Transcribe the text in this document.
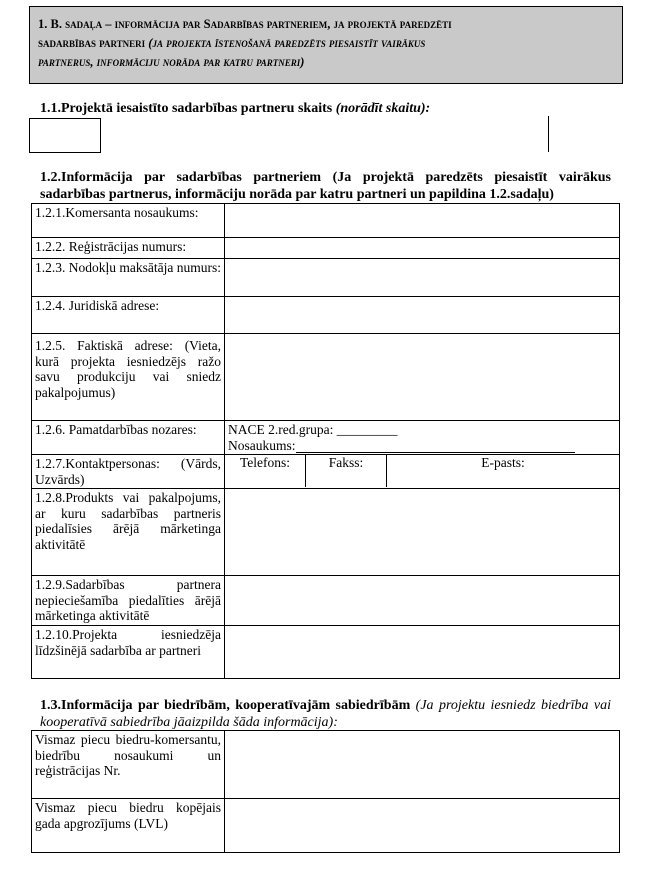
1. B. sadaļa – informācija par Sadarbības partneriem, ja projektā paredzēti
sadarbības partneri (ja projekta īstenošanā paredzēts piesaistīt vairākus
partnerus, informāciju norāda par katru partneri)
1.1.Projektā iesaistīto sadarbības partneru skaits (norādīt skaitu):
1.2.Informācija par sadarbības partneriem (Ja projektā paredzēts piesaistīt vairākus sadarbības partnerus, informāciju norāda par katru partneri un papildina 1.2.sadaļu)
1.2.1.Komersanta nosaukums:	
1.2.2. Reģistrācijas numurs:	
1.2.3. Nodokļu maksātāja numurs:	
1.2.4. Juridiskā adrese:	
1.2.5. Faktiskā adrese: (Vieta, kurā projekta iesniedzējs ražo savu produkciju vai sniedz pakalpojumus)	
1.2.6. Pamatdarbības nozares:	NACE 2.red.grupa: _________
Nosaukums:

1.2.7.Kontaktpersonas: (Vārds, Uzvārds)	
Telefons:	Fakss:	E-pasts:

1.2.8.Produkts vai pakalpojums, ar kuru sadarbības partneris piedalīsies ārējā mārketinga aktivitātē	
1.2.9.Sadarbības partnera nepieciešamība piedalīties ārējā mārketinga aktivitātē	
1.2.10.Projekta iesniedzēja līdzšinējā sadarbība ar partneri	
1.3.Informācija par biedrībām, kooperatīvajām sabiedrībām (Ja projektu iesniedz biedrība vai kooperatīvā sabiedrība jāaizpilda šāda informācija):
Vismaz piecu biedru-komersantu, biedrību nosaukumi un reģistrācijas Nr.	
Vismaz piecu biedru kopējais gada apgrozījums (LVL)	
